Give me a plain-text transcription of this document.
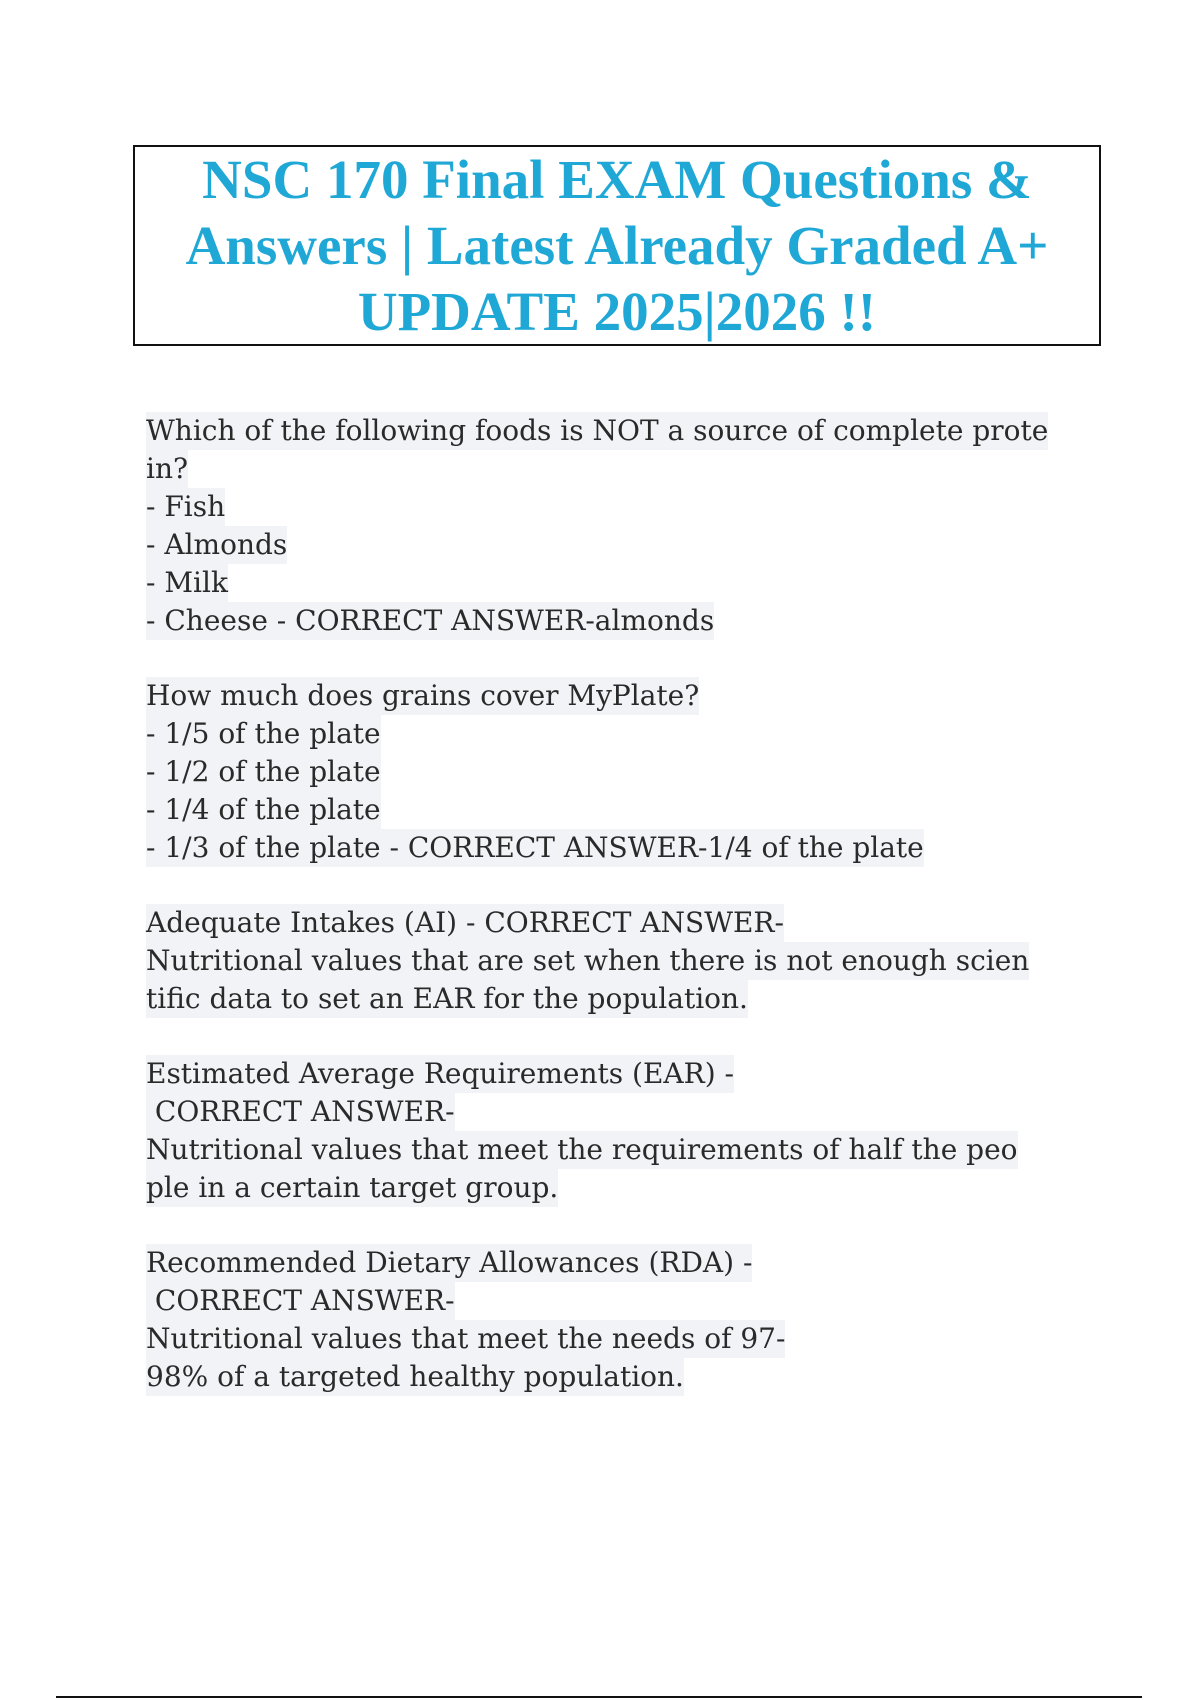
NSC 170 Final EXAM Questions &
Answers | Latest Already Graded A+
UPDATE 2025|2026 !!
Which of the following foods is NOT a source of complete prote
in?
- Fish
- Almonds
- Milk
- Cheese - CORRECT ANSWER-almonds
How much does grains cover MyPlate?
- 1/5 of the plate
- 1/2 of the plate
- 1/4 of the plate
- 1/3 of the plate - CORRECT ANSWER-1/4 of the plate
Adequate Intakes (AI) - CORRECT ANSWER-
Nutritional values that are set when there is not enough scien
tific data to set an EAR for the population.
Estimated Average Requirements (EAR) -
CORRECT ANSWER-
Nutritional values that meet the requirements of half the peo
ple in a certain target group.
Recommended Dietary Allowances (RDA) -
CORRECT ANSWER-
Nutritional values that meet the needs of 97-
98% of a targeted healthy population.
